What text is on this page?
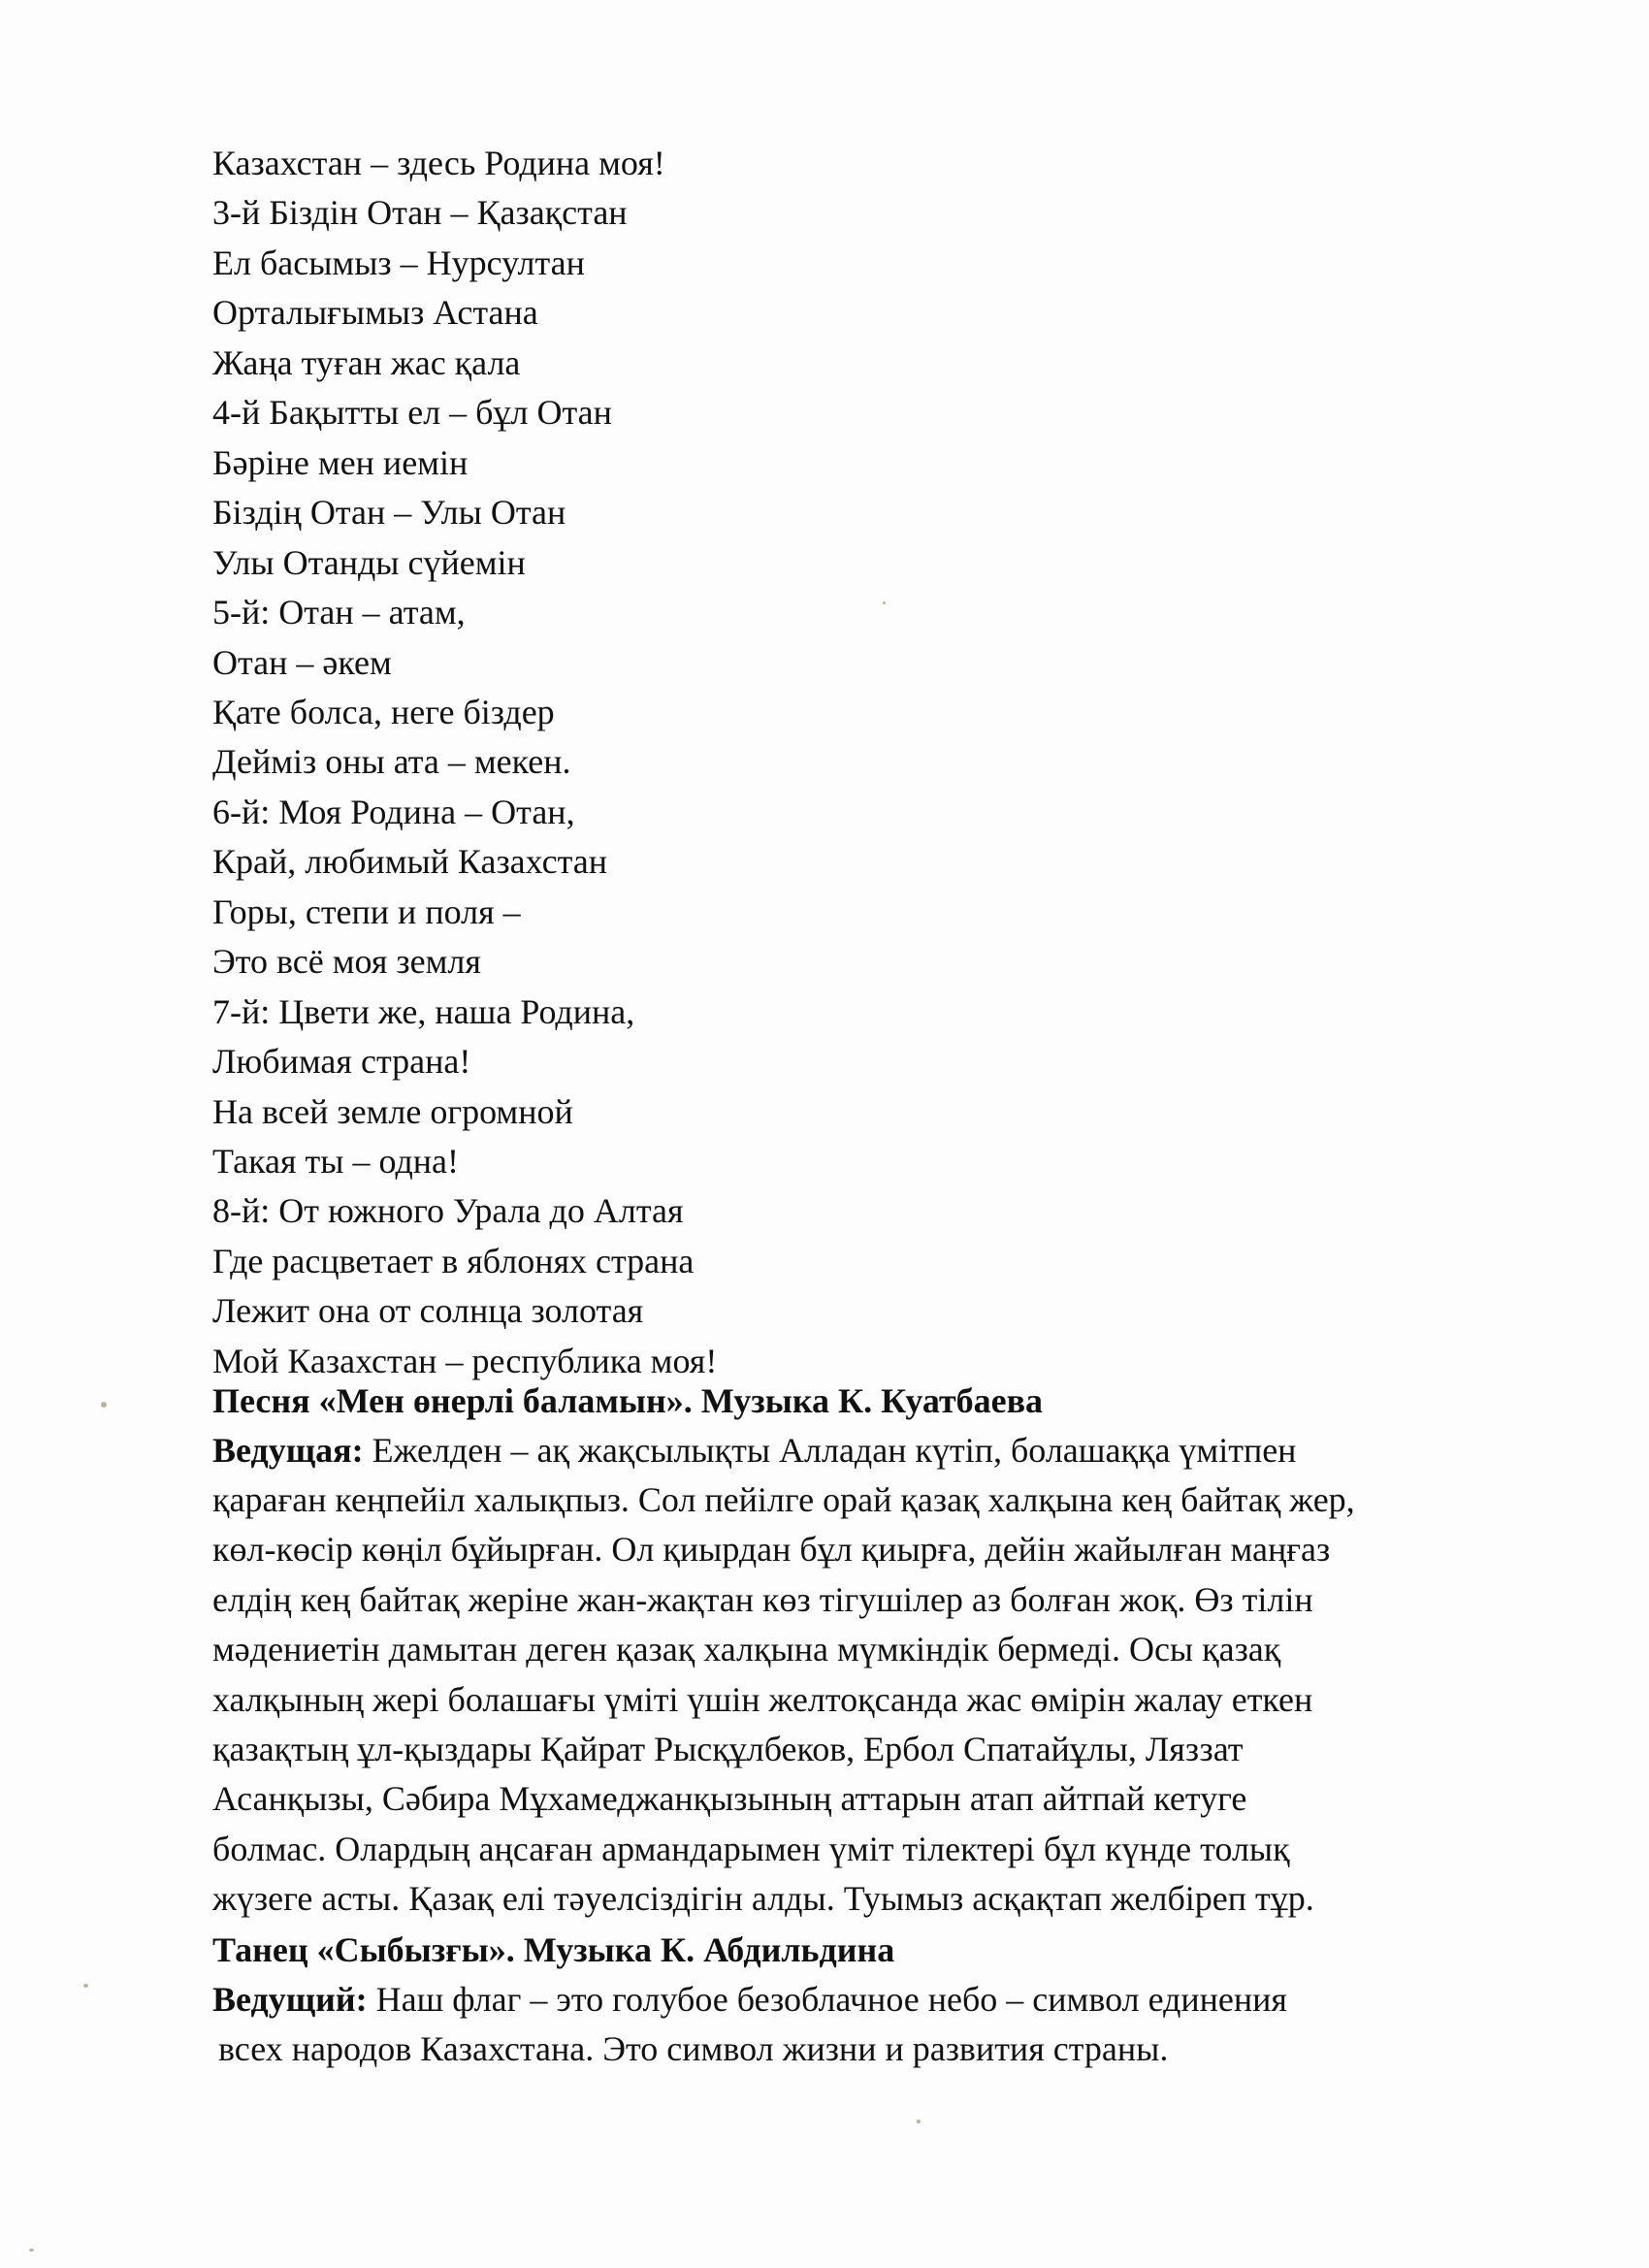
Казахстан – здесь Родина моя!
3-й Біздін Отан – Қазақстан
Ел басымыз – Нурсултан
Орталығымыз Астана
Жаңа туған жас қала
4-й Бақытты ел – бұл Отан
Бәріне мен иемін
Біздің Отан – Улы Отан
Улы Отанды сүйемін
5-й: Отан – атам,
Отан – әкем
Қате болса, неге біздер
Дейміз оны ата – мекен.
6-й: Моя Родина – Отан,
Край, любимый Казахстан
Горы, степи и поля –
Это всё моя земля
7-й: Цвети же, наша Родина,
Любимая страна!
На всей земле огромной
Такая ты – одна!
8-й: От южного Урала до Алтая
Где расцветает в яблонях страна
Лежит она от солнца золотая
Мой Казахстан – республика моя!
Песня «Мен өнерлі баламын». Музыка К. Куатбаева
Ведущая: Ежелден – ақ жақсылықты Алладан күтіп, болашаққа үмітпен
қараған кеңпейіл халықпыз. Сол пейілге орай қазақ халқына кең байтақ жер,
көл-көсір көңіл бұйырған. Ол қиырдан бұл қиырға, дейін жайылған маңғаз
елдің кең байтақ жеріне жан-жақтан көз тігушілер аз болған жоқ. Өз тілін
мәдениетін дамытан деген қазақ халқына мүмкіндік бермеді. Осы қазақ
халқының жері болашағы үміті үшін желтоқсанда жас өмірін жалау еткен
қазақтың ұл-қыздары Қайрат Рысқұлбеков, Ербол Спатайұлы, Ляззат
Асанқызы, Сәбира Мұхамеджанқызының аттарын атап айтпай кетуге
болмас. Олардың аңсаған армандарымен үміт тілектері бұл күнде толық
жүзеге асты. Қазақ елі тәуелсіздігін алды. Туымыз асқақтап желбіреп тұр.
Танец «Сыбызғы». Музыка К. Абдильдина
Ведущий: Наш флаг – это голубое безоблачное небо – символ единения
всех народов Казахстана. Это символ жизни и развития страны.
